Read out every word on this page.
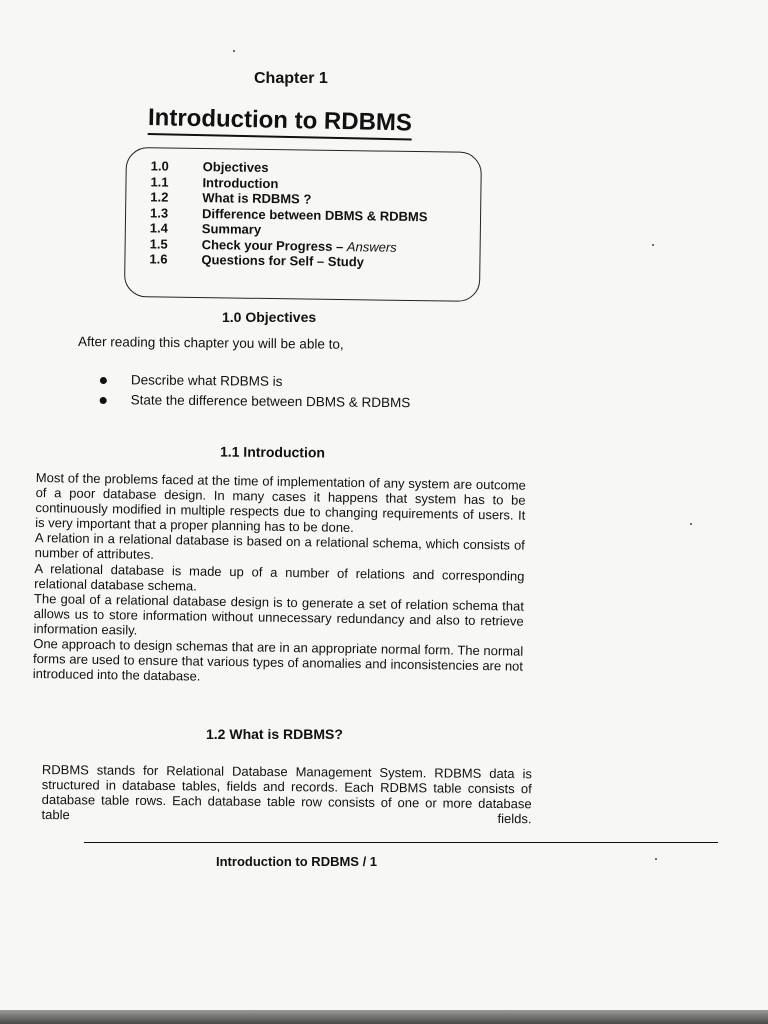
Chapter 1
Introduction to RDBMS
1.0	Objectives
1.1	Introduction
1.2	What is RDBMS ?
1.3	Difference between DBMS & RDBMS
1.4	Summary
1.5	Check your Progress – Answers
1.6	Questions for Self – Study
1.0 Objectives
After reading this chapter you will be able to,
Describe what RDBMS is
State the difference between DBMS & RDBMS
1.1 Introduction

Most of the problems faced at the time of implementation of any system are outcome of a poor database design. In many cases it happens that system has to be continuously modified in multiple respects due to changing requirements of users. It is very important that a proper planning has to be done.

A relation in a relational database is based on a relational schema, which consists of number of attributes.

A relational database is made up of a number of relations and corresponding relational database schema.

The goal of a relational database design is to generate a set of relation schema that allows us to store information without unnecessary redundancy and also to retrieve information easily.

One approach to design schemas that are in an appropriate normal form. The normal forms are used to ensure that various types of anomalies and inconsistencies are not introduced into the database.

1.2 What is RDBMS?

RDBMS stands for Relational Database Management System. RDBMS data is structured in database tables, fields and records. Each RDBMS table consists of database table rows. Each database table row consists of one or more database table fields.

Introduction to RDBMS / 1
